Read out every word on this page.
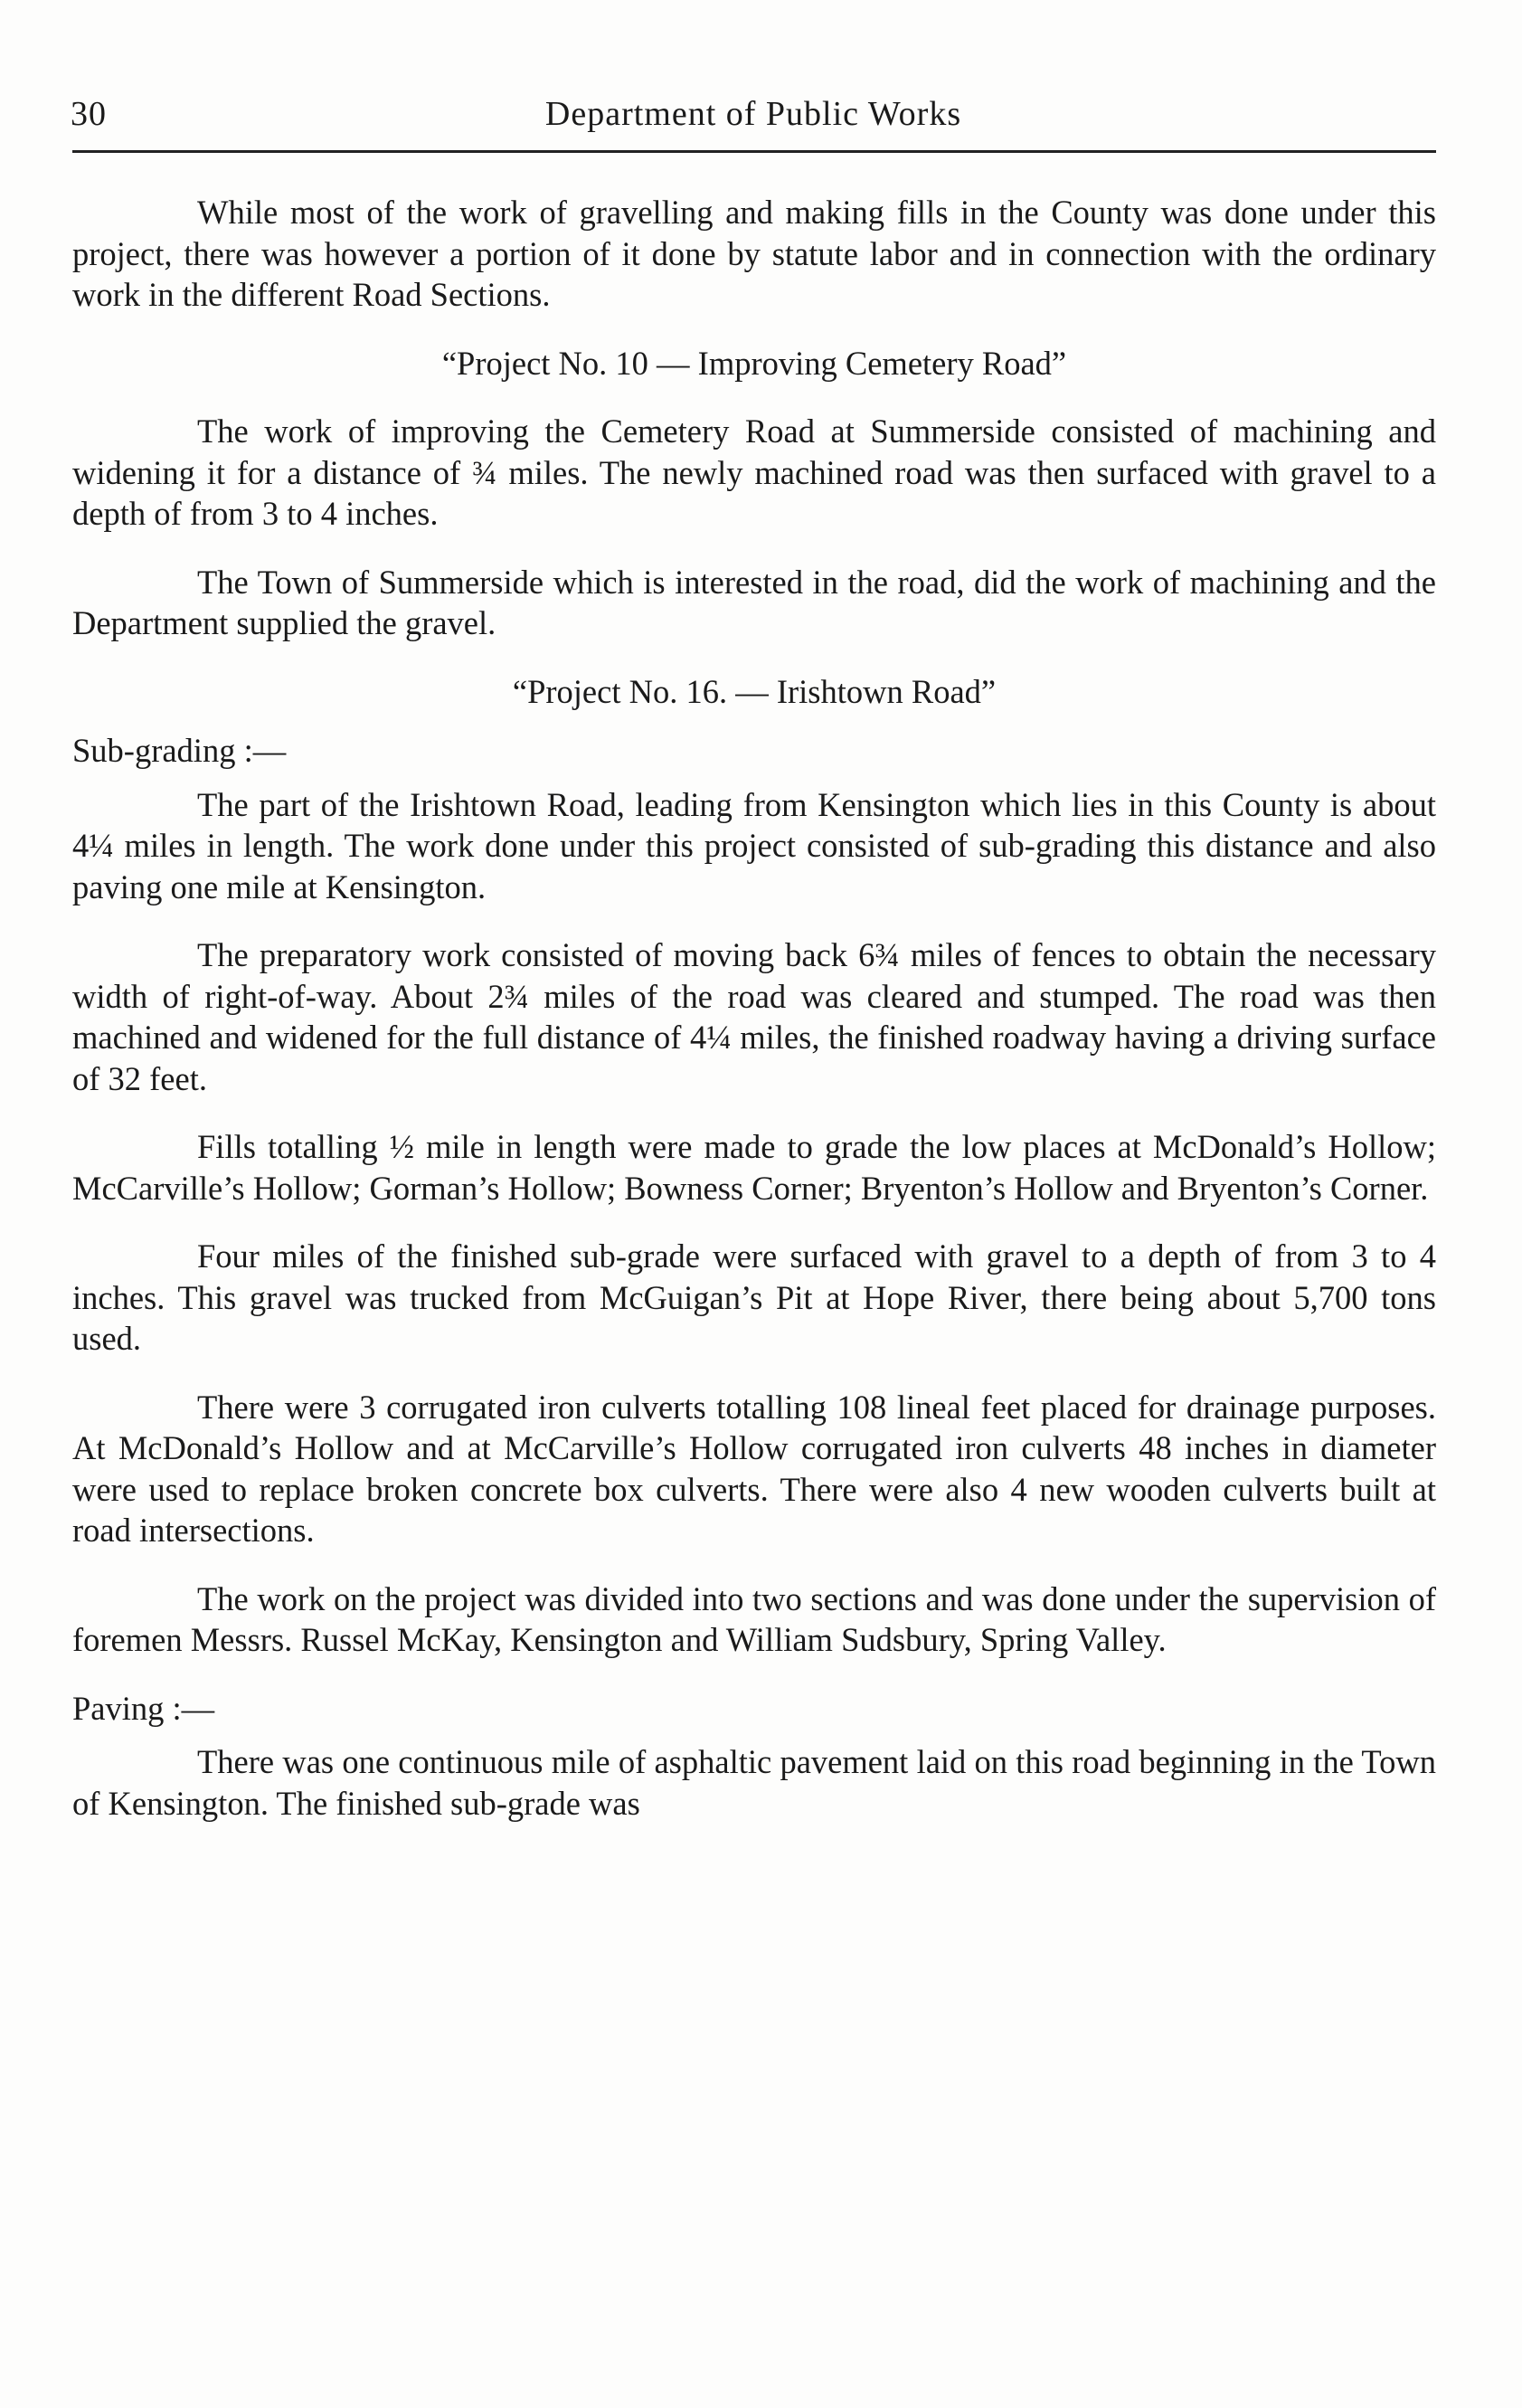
30	Department of Public Works

While most of the work of gravelling and making fills in the County was done under this project, there was however a portion of it done by statute labor and in connection with the ordinary work in the different Road Sections.

“Project No. 10 — Improving Cemetery Road”

The work of improving the Cemetery Road at Summerside consisted of machining and widening it for a distance of ¾ miles. The newly machined road was then surfaced with gravel to a depth of from 3 to 4 inches.

The Town of Summerside which is interested in the road, did the work of machining and the Department supplied the gravel.

“Project No. 16. — Irishtown Road”

Sub-grading :—

The part of the Irishtown Road, leading from Kensington which lies in this County is about 4¼ miles in length. The work done under this project consisted of sub-grading this distance and also paving one mile at Kensington.

The preparatory work consisted of moving back 6¾ miles of fences to obtain the necessary width of right-of-way. About 2¾ miles of the road was cleared and stumped. The road was then machined and widened for the full distance of 4¼ miles, the finished roadway having a driving surface of 32 feet.

Fills totalling ½ mile in length were made to grade the low places at McDonald’s Hollow; McCarville’s Hollow; Gorman’s Hollow; Bowness Corner; Bryenton’s Hollow and Bryenton’s Corner.

Four miles of the finished sub-grade were surfaced with gravel to a depth of from 3 to 4 inches. This gravel was trucked from McGuigan’s Pit at Hope River, there being about 5,700 tons used.

There were 3 corrugated iron culverts totalling 108 lineal feet placed for drainage purposes. At McDonald’s Hollow and at McCarville’s Hollow corrugated iron culverts 48 inches in diameter were used to replace broken concrete box culverts. There were also 4 new wooden culverts built at road intersections.

The work on the project was divided into two sections and was done under the supervision of foremen Messrs. Russel McKay, Kensington and William Sudsbury, Spring Valley.

Paving :—

There was one continuous mile of asphaltic pavement laid on this road beginning in the Town of Kensington. The finished sub-grade was
